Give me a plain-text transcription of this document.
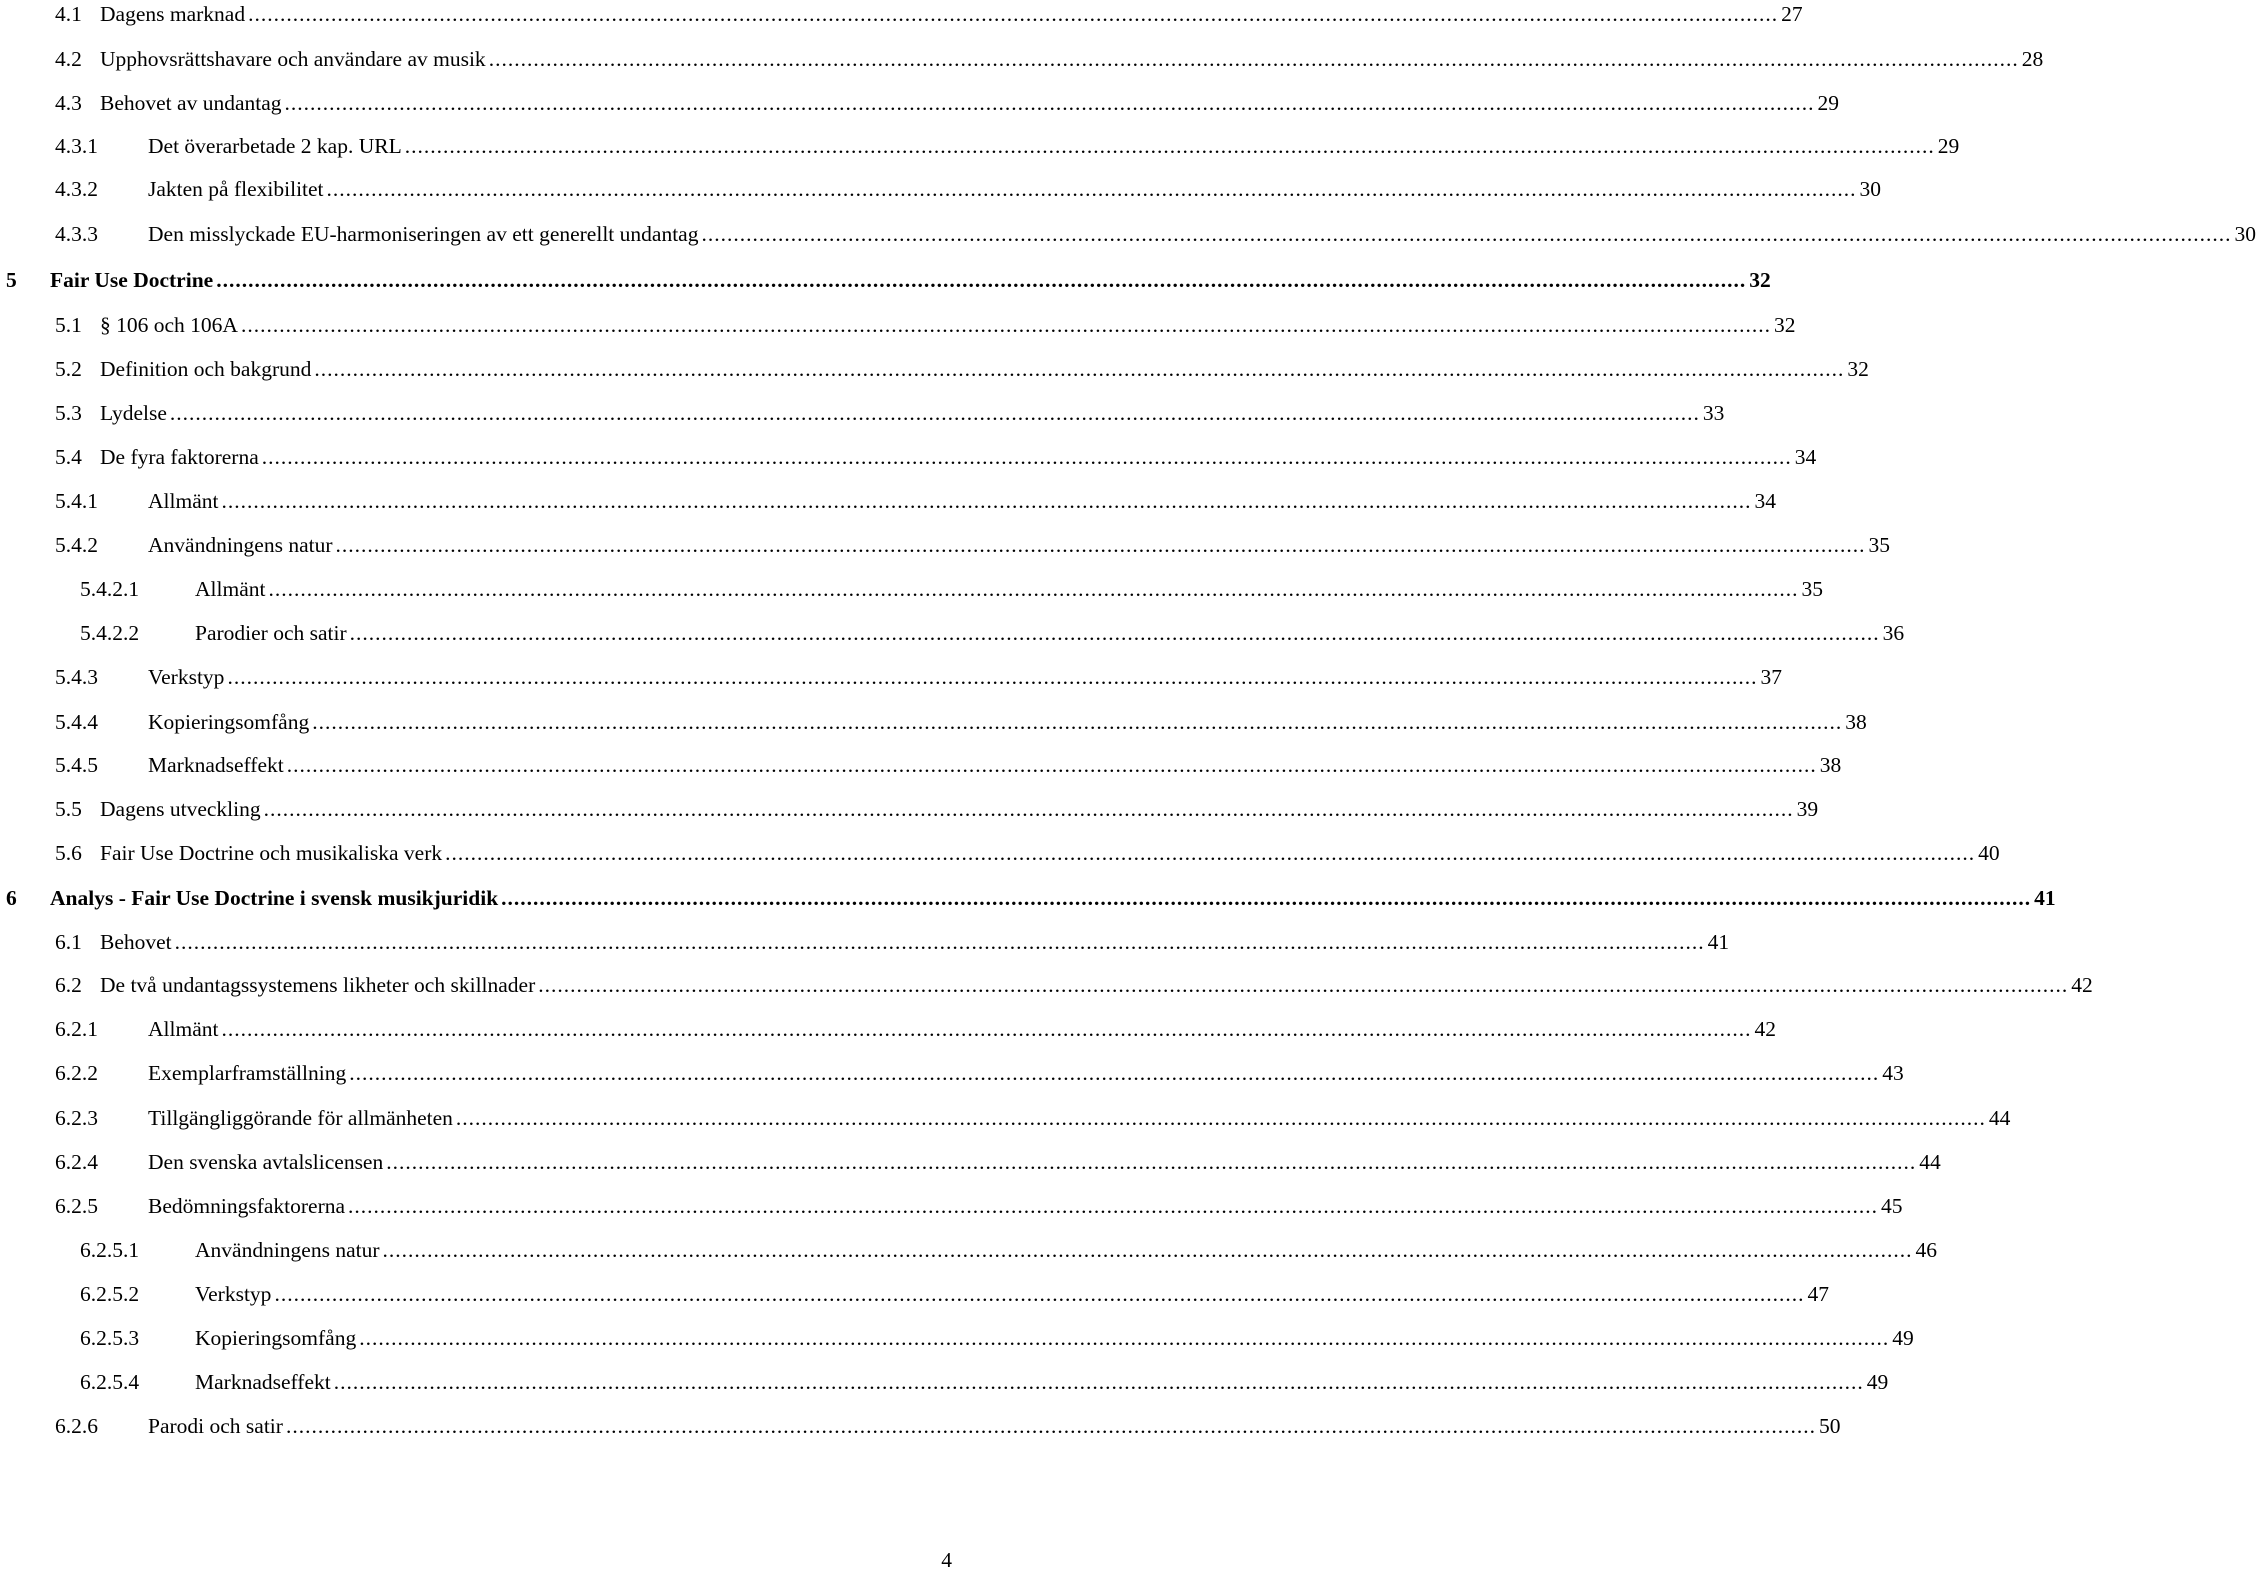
4.1 Dagens marknad .....	27
4.2 Upphovsrättshavare och användare av musik .....	28
4.3 Behovet av undantag .....	29
4.3.1	Det överarbetade 2 kap. URL .....	29
4.3.2	Jakten på flexibilitet .....	30
4.3.3	Den misslyckade EU-harmoniseringen av ett generellt undantag .....	30
5	Fair Use Doctrine .....	32
5.1 § 106 och 106A .....	32
5.2 Definition och bakgrund .....	32
5.3 Lydelse .....	33
5.4 De fyra faktorerna .....	34
5.4.1	Allmänt .....	34
5.4.2	Användningens natur .....	35
5.4.2.1	Allmänt .....	35
5.4.2.2	Parodier och satir .....	36
5.4.3	Verkstyp .....	37
5.4.4	Kopieringsomfång .....	38
5.4.5	Marknadseffekt .....	38
5.5 Dagens utveckling .....	39
5.6 Fair Use Doctrine och musikaliska verk .....	40
6	Analys - Fair Use Doctrine i svensk musikjuridik .....	41
6.1 Behovet .....	41
6.2 De två undantagssystemens likheter och skillnader .....	42
6.2.1	Allmänt .....	42
6.2.2	Exemplarframställning .....	43
6.2.3	Tillgängliggörande för allmänheten .....	44
6.2.4	Den svenska avtalslicensen .....	44
6.2.5	Bedömningsfaktorerna .....	45
6.2.5.1	Användningens natur .....	46
6.2.5.2	Verkstyp .....	47
6.2.5.3	Kopieringsomfång .....	49
6.2.5.4	Marknadseffekt .....	49
6.2.6	Parodi och satir .....	50
4
